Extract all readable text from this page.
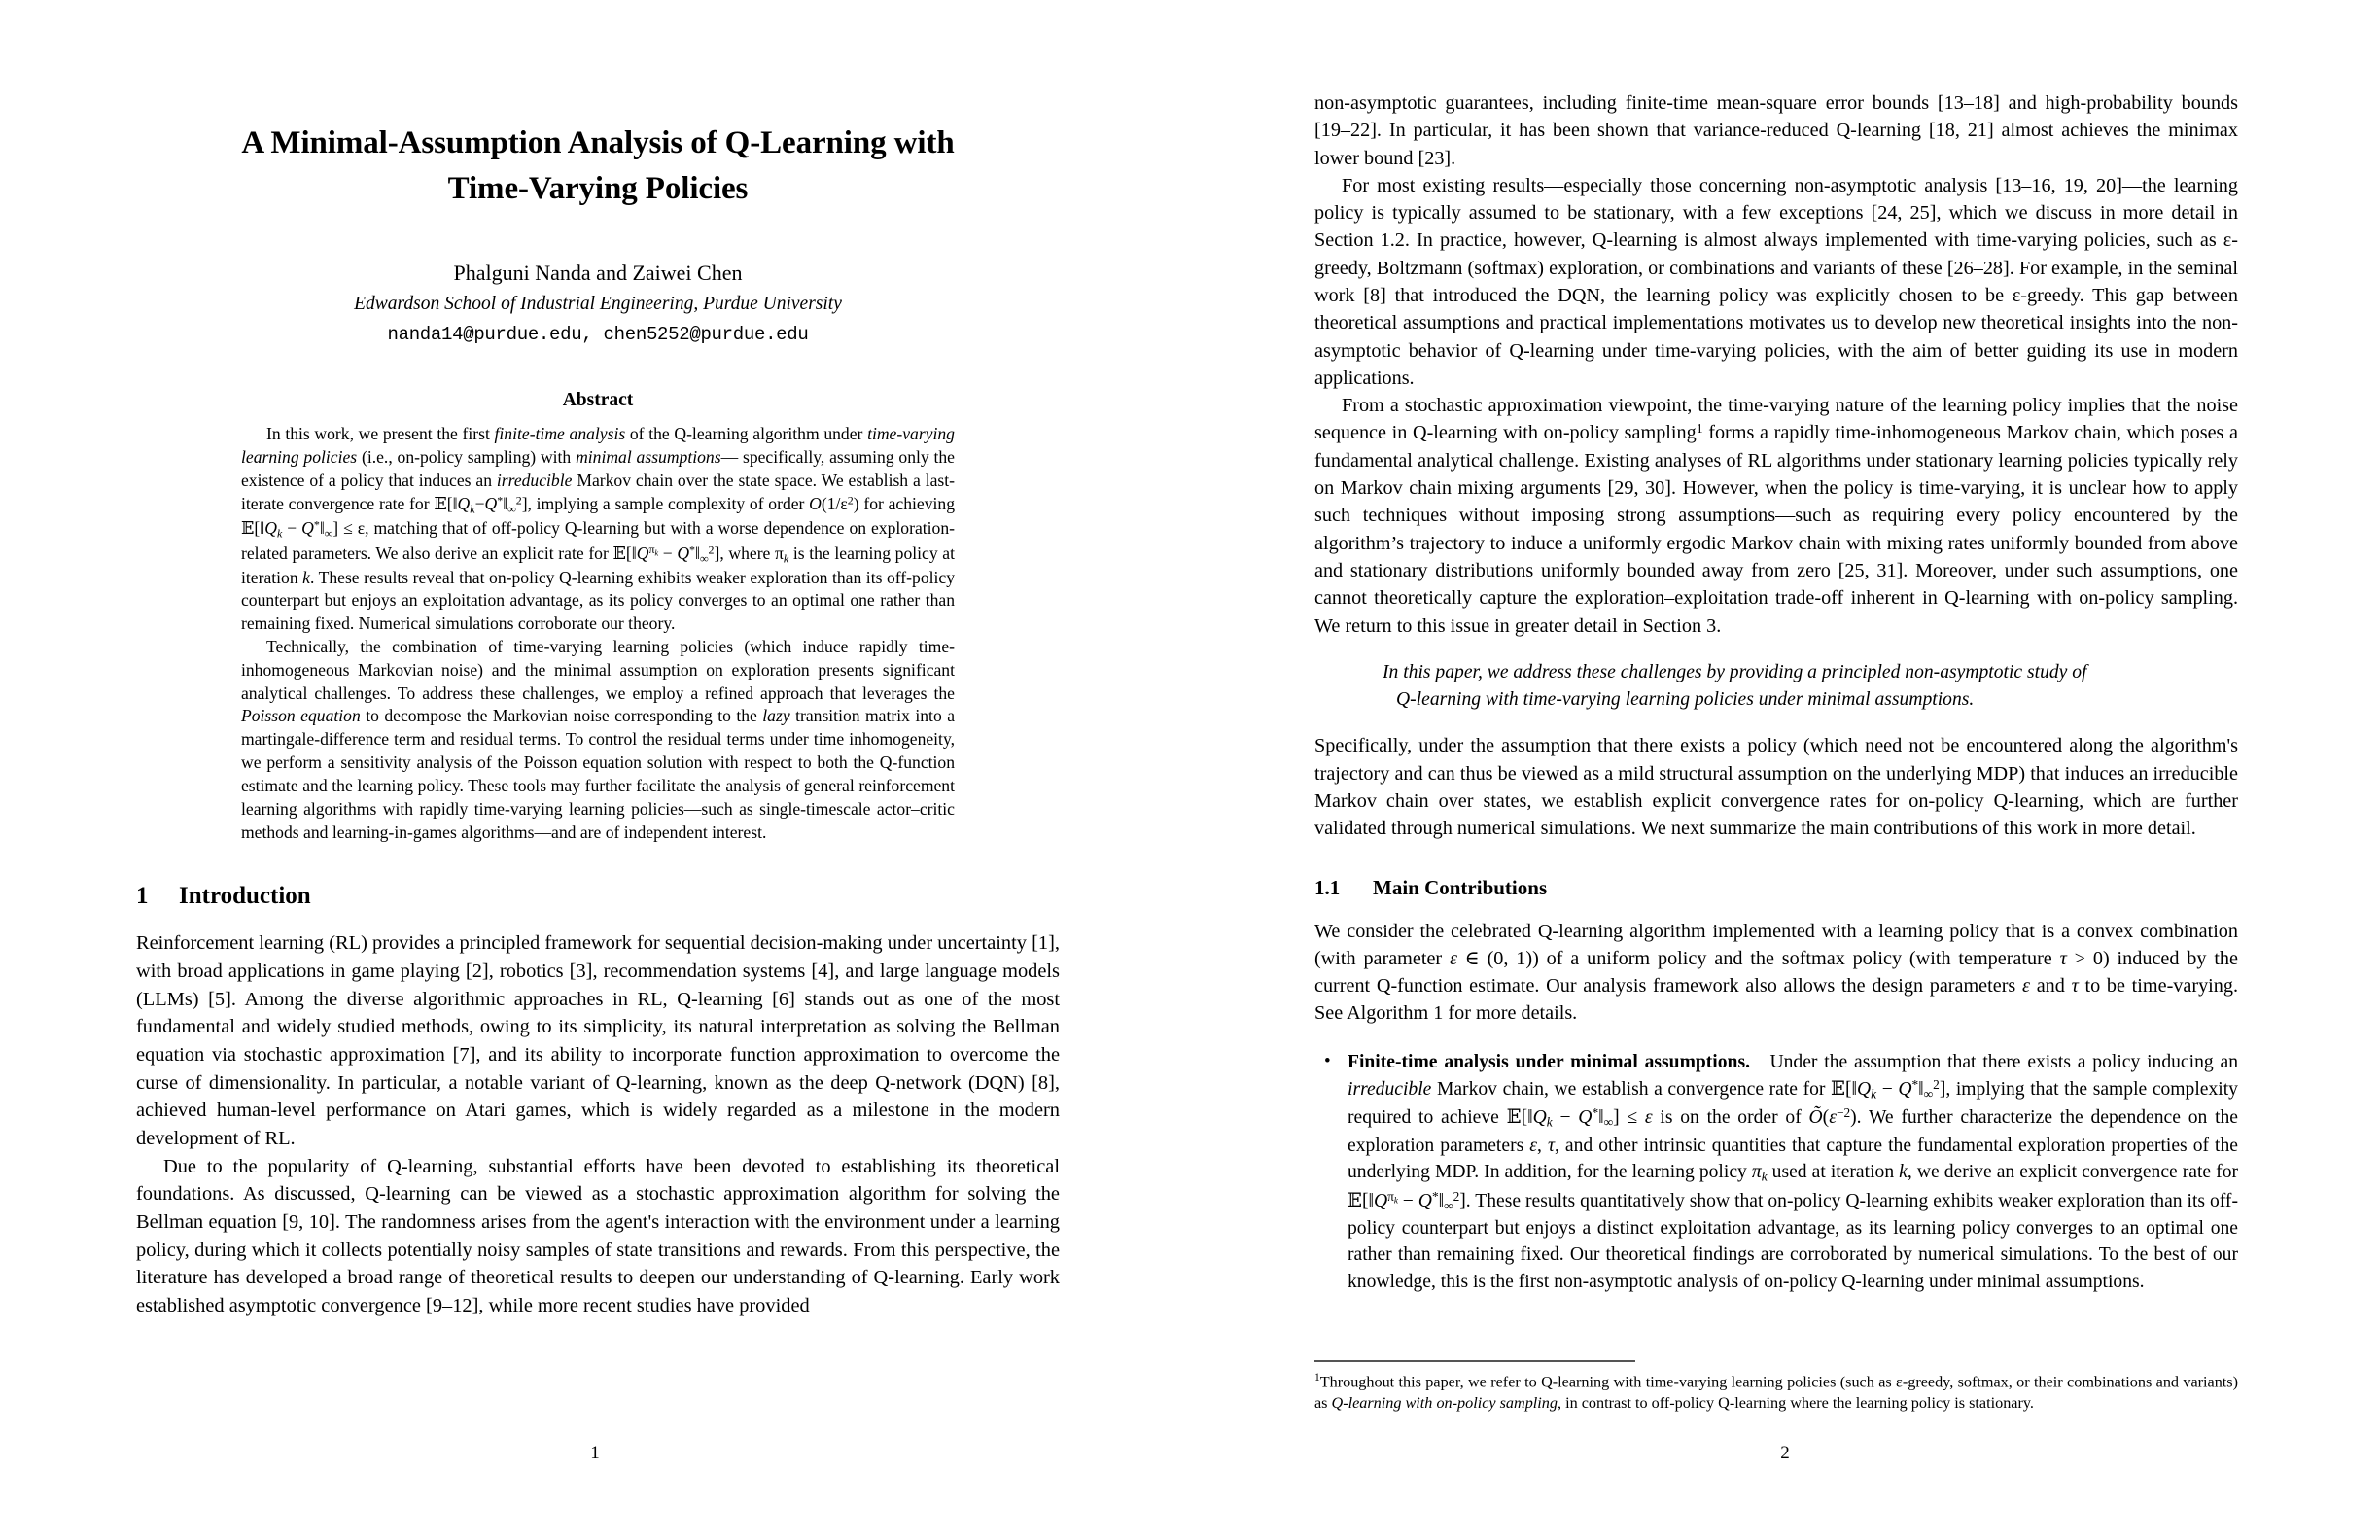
A Minimal-Assumption Analysis of Q-Learning with
Time-Varying Policies
Phalguni Nanda and Zaiwei Chen
Edwardson School of Industrial Engineering, Purdue University
nanda14@purdue.edu, chen5252@purdue.edu
Abstract

In this work, we present the first finite-time analysis of the Q-learning algorithm under time-varying learning policies (i.e., on-policy sampling) with minimal assumptions— specifically, assuming only the existence of a policy that induces an irreducible Markov chain over the state space. We establish a last-iterate convergence rate for $𝔼[‖Q_k-Q^*‖_\infty^2]$, implying a sample complexity of order $O(1/\varepsilon^2)$ for achieving $𝔼[‖Q_k$ − $Q^*‖_\infty] \le \varepsilon$, matching that of off-policy Q-learning but with a worse dependence on exploration-related parameters. We also derive an explicit rate for $𝔼[‖Q^{\pi_k}$ − $Q^*‖_\infty^2$], where $\pi_k$ is the learning policy at iteration k. These results reveal that on-policy Q-learning exhibits weaker exploration than its off-policy counterpart but enjoys an exploitation advantage, as its policy converges to an optimal one rather than remaining fixed. Numerical simulations corroborate our theory.

Technically, the combination of time-varying learning policies (which induce rapidly time-inhomogeneous Markovian noise) and the minimal assumption on exploration presents significant analytical challenges. To address these challenges, we employ a refined approach that leverages the Poisson equation to decompose the Markovian noise corresponding to the lazy transition matrix into a martingale-difference term and residual terms. To control the residual terms under time inhomogeneity, we perform a sensitivity analysis of the Poisson equation solution with respect to both the Q-function estimate and the learning policy. These tools may further facilitate the analysis of general reinforcement learning algorithms with rapidly time-varying learning policies—such as single-timescale actor–critic methods and learning-in-games algorithms—and are of independent interest.

1	Introduction

Reinforcement learning (RL) provides a principled framework for sequential decision-making under uncertainty [1], with broad applications in game playing [2], robotics [3], recommendation systems [4], and large language models (LLMs) [5]. Among the diverse algorithmic approaches in RL, Q-learning [6] stands out as one of the most fundamental and widely studied methods, owing to its simplicity, its natural interpretation as solving the Bellman equation via stochastic approximation [7], and its ability to incorporate function approximation to overcome the curse of dimensionality. In particular, a notable variant of Q-learning, known as the deep Q-network (DQN) [8], achieved human-level performance on Atari games, which is widely regarded as a milestone in the modern development of RL.

Due to the popularity of Q-learning, substantial efforts have been devoted to establishing its theoretical foundations. As discussed, Q-learning can be viewed as a stochastic approximation algorithm for solving the Bellman equation [9, 10]. The randomness arises from the agent's interaction with the environment under a learning policy, during which it collects potentially noisy samples of state transitions and rewards. From this perspective, the literature has developed a broad range of theoretical results to deepen our understanding of Q-learning. Early work established asymptotic convergence [9–12], while more recent studies have provided

1

non-asymptotic guarantees, including finite-time mean-square error bounds [13–18] and high-probability bounds [19–22]. In particular, it has been shown that variance-reduced Q-learning [18, 21] almost achieves the minimax lower bound [23].

For most existing results—especially those concerning non-asymptotic analysis [13–16, 19, 20]—the learning policy is typically assumed to be stationary, with a few exceptions [24, 25], which we discuss in more detail in Section 1.2. In practice, however, Q-learning is almost always implemented with time-varying policies, such as ε-greedy, Boltzmann (softmax) exploration, or combinations and variants of these [26–28]. For example, in the seminal work [8] that introduced the DQN, the learning policy was explicitly chosen to be ε-greedy. This gap between theoretical assumptions and practical implementations motivates us to develop new theoretical insights into the non-asymptotic behavior of Q-learning under time-varying policies, with the aim of better guiding its use in modern applications.

From a stochastic approximation viewpoint, the time-varying nature of the learning policy implies that the noise sequence in Q-learning with on-policy sampling$^1$ forms a rapidly time-inhomogeneous Markov chain, which poses a fundamental analytical challenge. Existing analyses of RL algorithms under stationary learning policies typically rely on Markov chain mixing arguments [29, 30]. However, when the policy is time-varying, it is unclear how to apply such techniques without imposing strong assumptions—such as requiring every policy encountered by the algorithm’s trajectory to induce a uniformly ergodic Markov chain with mixing rates uniformly bounded from above and stationary distributions uniformly bounded away from zero [25, 31]. Moreover, under such assumptions, one cannot theoretically capture the exploration–exploitation trade-off inherent in Q-learning with on-policy sampling. We return to this issue in greater detail in Section 3.

In this paper, we address these challenges by providing a principled non-asymptotic study of
Q-learning with time-varying learning policies under minimal assumptions.

Specifically, under the assumption that there exists a policy (which need not be encountered along the algorithm's trajectory and can thus be viewed as a mild structural assumption on the underlying MDP) that induces an irreducible Markov chain over states, we establish explicit convergence rates for on-policy Q-learning, which are further validated through numerical simulations. We next summarize the main contributions of this work in more detail.

1.1	Main Contributions

We consider the celebrated Q-learning algorithm implemented with a learning policy that is a convex combination (with parameter ε ∈ (0, 1)) of a uniform policy and the softmax policy (with temperature τ > 0) induced by the current Q-function estimate. Our analysis framework also allows the design parameters ε and τ to be time-varying. See Algorithm 1 for more details.

• Finite-time analysis under minimal assumptions.   Under the assumption that there exists a policy inducing an irreducible Markov chain, we establish a convergence rate for $𝔼[‖Q_k$ − $Q^*‖_\infty^2$], implying that the sample complexity required to achieve $𝔼[‖Q_k$ − $Q^*‖_\infty] \le \varepsilon$ is on the order of $Õ(\varepsilon^{-2})$. We further characterize the dependence on the exploration parameters ε, τ, and other intrinsic quantities that capture the fundamental exploration properties of the underlying MDP. In addition, for the learning policy $\pi_k$ used at iteration k, we derive an explicit convergence rate for $𝔼[‖Q^{\pi_k}$ − $Q^*‖_\infty^2$]. These results quantitatively show that on-policy Q-learning exhibits weaker exploration than its off-policy counterpart but enjoys a distinct exploitation advantage, as its learning policy converges to an optimal one rather than remaining fixed. Our theoretical findings are corroborated by numerical simulations. To the best of our knowledge, this is the first non-asymptotic analysis of on-policy Q-learning under minimal assumptions.
$^1$Throughout this paper, we refer to Q-learning with time-varying learning policies (such as ε-greedy, softmax, or their combinations and variants) as Q-learning with on-policy sampling, in contrast to off-policy Q-learning where the learning policy is stationary.
2
